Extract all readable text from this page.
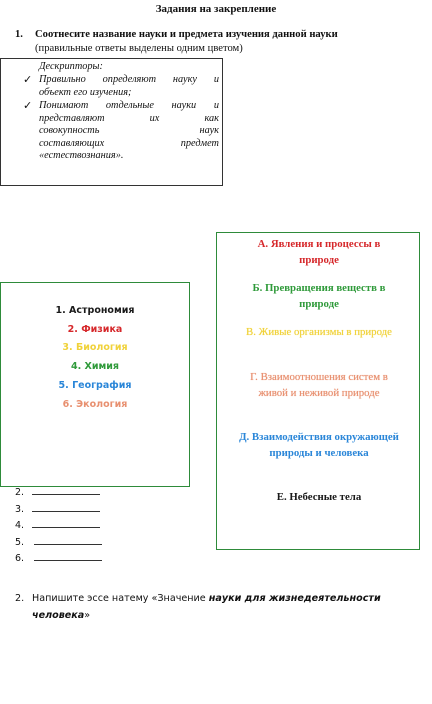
Задания на закрепление
1. Соотнесите название науки и предмета изучения данной науки
(правильные ответы выделены одним цветом)
Дескрипторы:
✓ Правильно определяют науку и
объект его изучения;
✓ Понимают отдельные науки и
представляют	их	как
совокупность	наук
составляющих	предмет
«естествознания».
1. Астрономия
2. Физика
3. Биология
4. Химия
5. География
6. Экология
А. Явления и процессы в природе
Б. Превращения веществ в природе
В. Живые организмы в природе
Г. Взаимоотношения систем в живой и неживой природе
Д. Взаимодействия окружающей природы и человека
Е. Небесные тела
2.
3.
4.
5.
6.
2. Напишите эссе натему «Значение науки для жизнедеятельности человека»
